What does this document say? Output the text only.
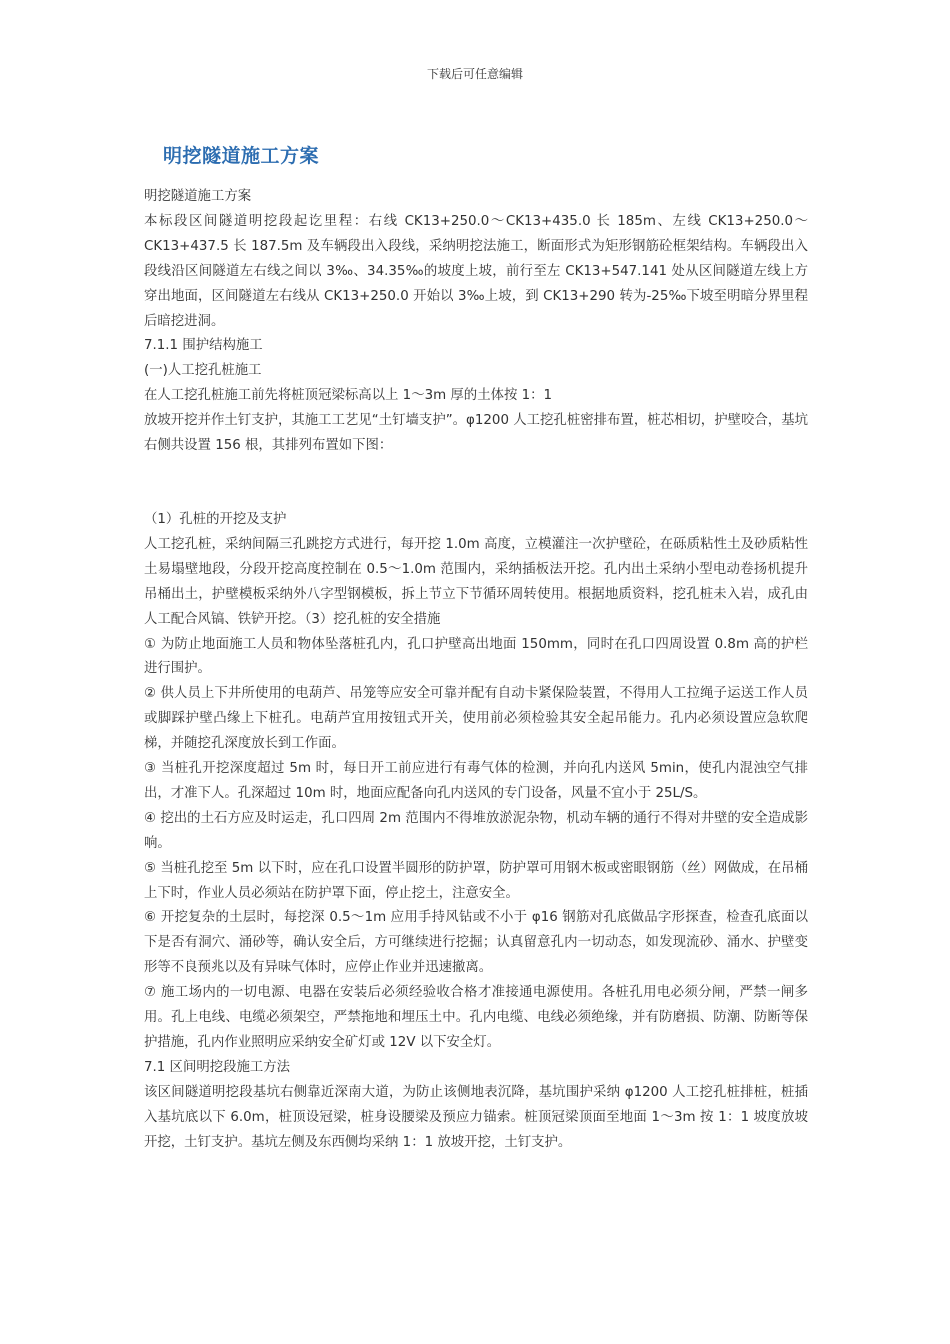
下载后可任意编辑
明挖隧道施工方案

明挖隧道施工方案

本标段区间隧道明挖段起讫里程：右线 CK13+250.0～CK13+435.0 长 185m、左线 CK13+250.0～CK13+437.5 长 187.5m 及车辆段出入段线，采纳明挖法施工，断面形式为矩形钢筋砼框架结构。车辆段出入段线沿区间隧道左右线之间以 3‰、34.35‰的坡度上坡，前行至左 CK13+547.141 处从区间隧道左线上方穿出地面，区间隧道左右线从 CK13+250.0 开始以 3‰上坡，到 CK13+290 转为-25‰下坡至明暗分界里程后暗挖进洞。

7.1.1 围护结构施工

(一)人工挖孔桩施工

在人工挖孔桩施工前先将桩顶冠梁标高以上 1～3m 厚的土体按 1：1

放坡开挖并作土钉支护，其施工工艺见“土钉墙支护”。φ1200 人工挖孔桩密排布置，桩芯相切，护壁咬合，基坑右侧共设置 156 根，其排列布置如下图：

（1）孔桩的开挖及支护

人工挖孔桩，采纳间隔三孔跳挖方式进行，每开挖 1.0m 高度，立模灌注一次护壁砼，在砾质粘性土及砂质粘性土易塌壁地段，分段开挖高度控制在 0.5～1.0m 范围内，采纳插板法开挖。孔内出土采纳小型电动卷扬机提升吊桶出土，护壁模板采纳外八字型钢模板，拆上节立下节循环周转使用。根据地质资料，挖孔桩未入岩，成孔由人工配合风镐、铁铲开挖。（3）挖孔桩的安全措施

① 为防止地面施工人员和物体坠落桩孔内，孔口护壁高出地面 150mm，同时在孔口四周设置 0.8m 高的护栏进行围护。

② 供人员上下井所使用的电葫芦、吊笼等应安全可靠并配有自动卡紧保险装置，不得用人工拉绳子运送工作人员或脚踩护壁凸缘上下桩孔。电葫芦宜用按钮式开关，使用前必须检验其安全起吊能力。孔内必须设置应急软爬梯，并随挖孔深度放长到工作面。

③ 当桩孔开挖深度超过 5m 时，每日开工前应进行有毒气体的检测，并向孔内送风 5min，使孔内混浊空气排出，才准下人。孔深超过 10m 时，地面应配备向孔内送风的专门设备，风量不宜小于 25L/S。

④ 挖出的土石方应及时运走，孔口四周 2m 范围内不得堆放淤泥杂物，机动车辆的通行不得对井壁的安全造成影响。

⑤ 当桩孔挖至 5m 以下时，应在孔口设置半圆形的防护罩，防护罩可用钢木板或密眼钢筋（丝）网做成，在吊桶上下时，作业人员必须站在防护罩下面，停止挖土，注意安全。

⑥ 开挖复杂的土层时，每挖深 0.5～1m 应用手持风钻或不小于 φ16 钢筋对孔底做品字形探查，检查孔底面以下是否有洞穴、涌砂等，确认安全后，方可继续进行挖掘；认真留意孔内一切动态，如发现流砂、涌水、护壁变形等不良预兆以及有异味气体时，应停止作业并迅速撤离。

⑦ 施工场内的一切电源、电器在安装后必须经验收合格才准接通电源使用。各桩孔用电必须分闸，严禁一闸多用。孔上电线、电缆必须架空，严禁拖地和埋压土中。孔内电缆、电线必须绝缘，并有防磨损、防潮、防断等保护措施，孔内作业照明应采纳安全矿灯或 12V 以下安全灯。

7.1 区间明挖段施工方法

该区间隧道明挖段基坑右侧靠近深南大道，为防止该侧地表沉降，基坑围护采纳 φ1200 人工挖孔桩排桩，桩插入基坑底以下 6.0m，桩顶设冠梁，桩身设腰梁及预应力锚索。桩顶冠梁顶面至地面 1～3m 按 1：1 坡度放坡开挖，土钉支护。基坑左侧及东西侧均采纳 1：1 放坡开挖，土钉支护。
